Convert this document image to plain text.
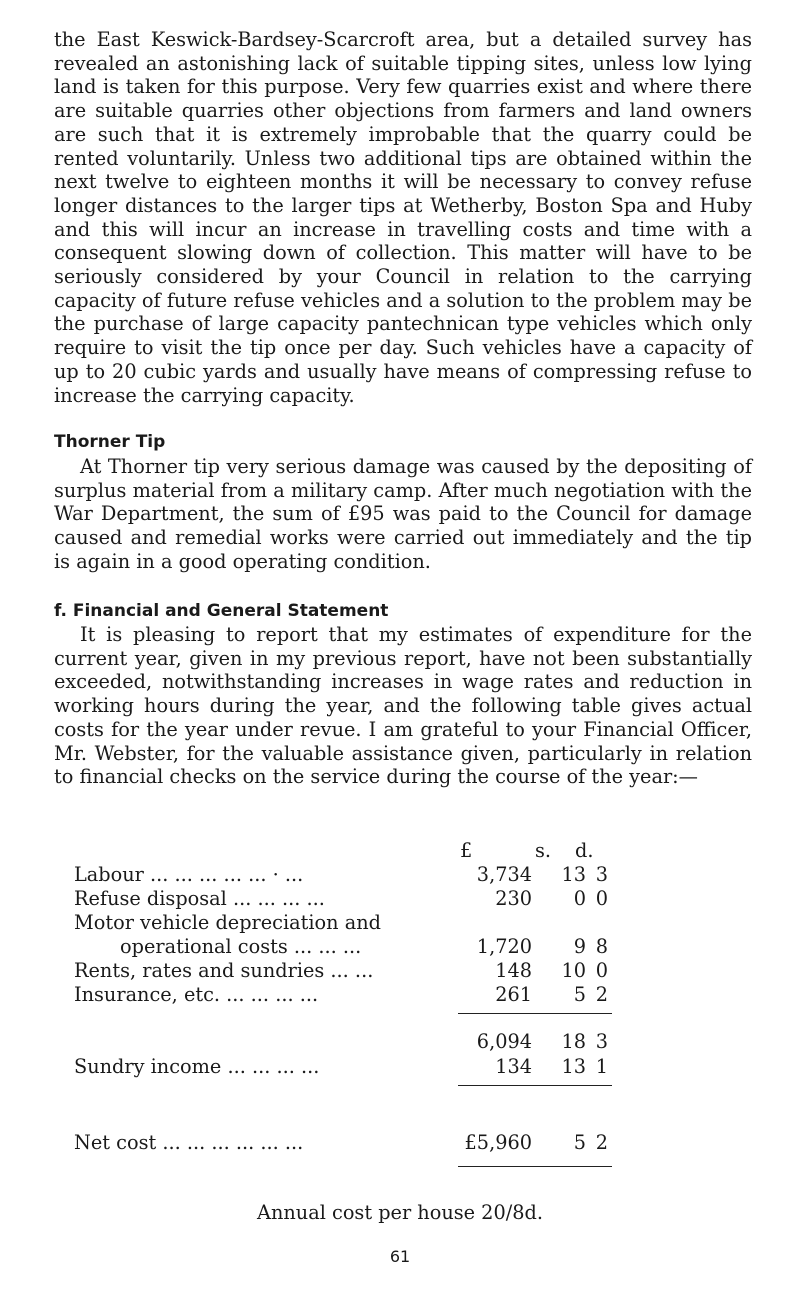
the East Keswick-Bardsey-Scarcroft area, but a detailed survey has revealed an astonishing lack of suitable tipping sites, unless low lying land is taken for this purpose. Very few quarries exist and where there are suitable quarries other objections from farmers and land owners are such that it is extremely improbable that the quarry could be rented voluntarily. Unless two additional tips are obtained within the next twelve to eighteen months it will be necessary to convey refuse longer distances to the larger tips at Wetherby, Boston Spa and Huby and this will incur an increase in travelling costs and time with a consequent slowing down of collection. This matter will have to be seriously considered by your Council in relation to the carrying capacity of future refuse vehicles and a solution to the problem may be the purchase of large capacity pantechnican type vehicles which only require to visit the tip once per day. Such vehicles have a capacity of up to 20 cubic yards and usually have means of compressing refuse to increase the carrying capacity.

Thorner Tip

At Thorner tip very serious damage was caused by the depositing of surplus material from a military camp. After much negotiation with the War Department, the sum of £95 was paid to the Council for damage caused and remedial works were carried out immediately and the tip is again in a good operating condition.

f. Financial and General Statement

It is pleasing to report that my estimates of expenditure for the current year, given in my previous report, have not been substantially exceeded, notwithstanding increases in wage rates and reduction in working hours during the year, and the following table gives actual costs for the year under revue. I am grateful to your Financial Officer, Mr. Webster, for the valuable assistance given, particularly in relation to financial checks on the service during the course of the year:—

£	s. d.
Labour ... ... ... ... ... · ...	3,734 13 3
Refuse disposal ... ... ... ...	230	0 0
Motor vehicle depreciation and
operational costs ... ... ...	1,720	9 8
Rents, rates and sundries ... ...	148 10 0
Insurance, etc. ... ... ... ...	261	5 2
6,094 18 3
Sundry income ... ... ... ...	134 13 1
Net cost ... ... ... ... ... ...	£5,960	5 2
Annual cost per house 20/8d.
61
